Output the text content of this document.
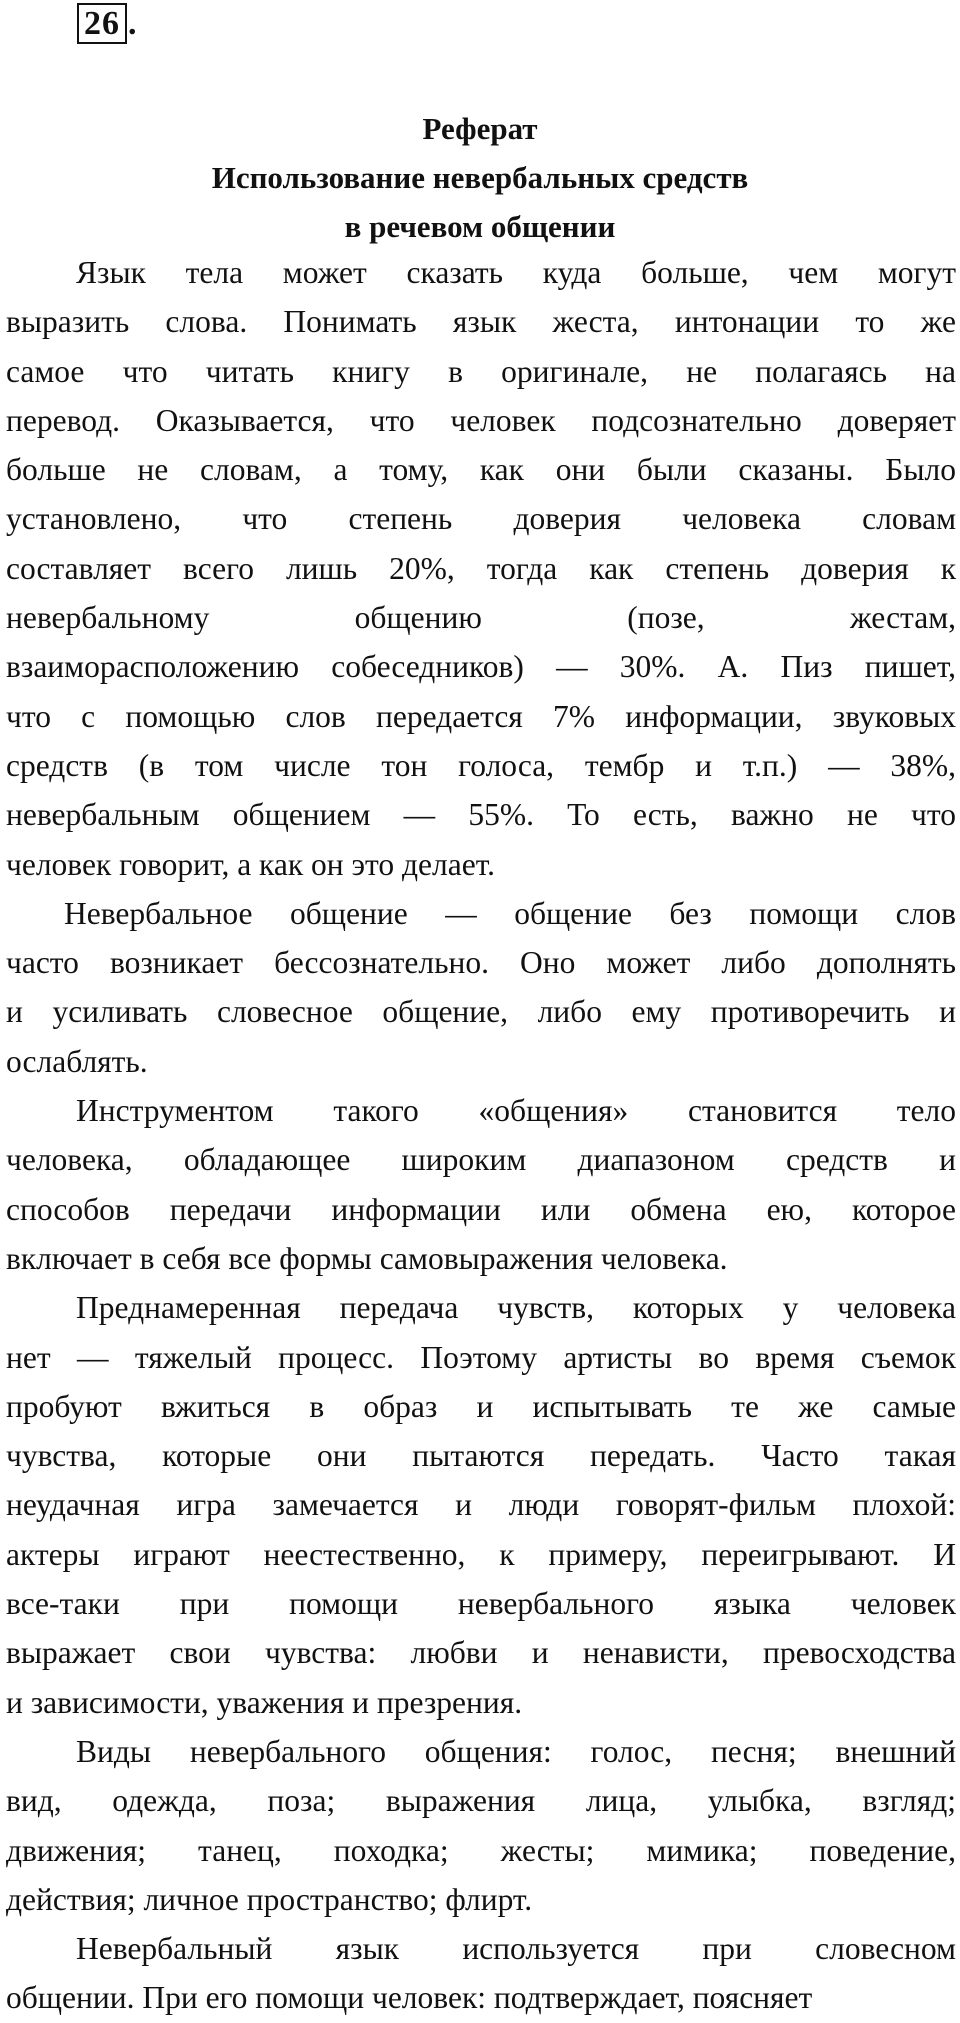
26 .
Реферат
Использование невербальных средств
в речевом общении
Язык тела может сказать куда больше, чем могут
выразить слова. Понимать язык жеста, интонации то же
самое что читать книгу в оригинале, не полагаясь на
перевод. Оказывается, что человек подсознательно доверяет
больше не словам, а тому, как они были сказаны. Было
установлено, что степень доверия человека словам
составляет всего лишь 20%, тогда как степень доверия к
невербальному общению (позе, жестам,
взаиморасположению собеседников) — 30%. А. Пиз пишет,
что с помощью слов передается 7% информации, звуковых
средств (в том числе тон голоса, тембр и т.п.) — 38%,
невербальным общением — 55%. То есть, важно не что
человек говорит, а как он это делает.
Невербальное общение — общение без помощи слов
часто возникает бессознательно. Оно может либо дополнять
и усиливать словесное общение, либо ему противоречить и
ослаблять.
Инструментом такого «общения» становится тело
человека, обладающее широким диапазоном средств и
способов передачи информации или обмена ею, которое
включает в себя все формы самовыражения человека.
Преднамеренная передача чувств, которых у человека
нет — тяжелый процесс. Поэтому артисты во время съемок
пробуют вжиться в образ и испытывать те же самые
чувства, которые они пытаются передать. Часто такая
неудачная игра замечается и люди говорят-фильм плохой:
актеры играют неестественно, к примеру, переигрывают. И
все-таки при помощи невербального языка человек
выражает свои чувства: любви и ненависти, превосходства
и зависимости, уважения и презрения.
Виды невербального общения: голос, песня; внешний
вид, одежда, поза; выражения лица, улыбка, взгляд;
движения; танец, походка; жесты; мимика; поведение,
действия; личное пространство; флирт.
Невербальный язык используется при словесном
общении. При его помощи человек: подтверждает, поясняет
